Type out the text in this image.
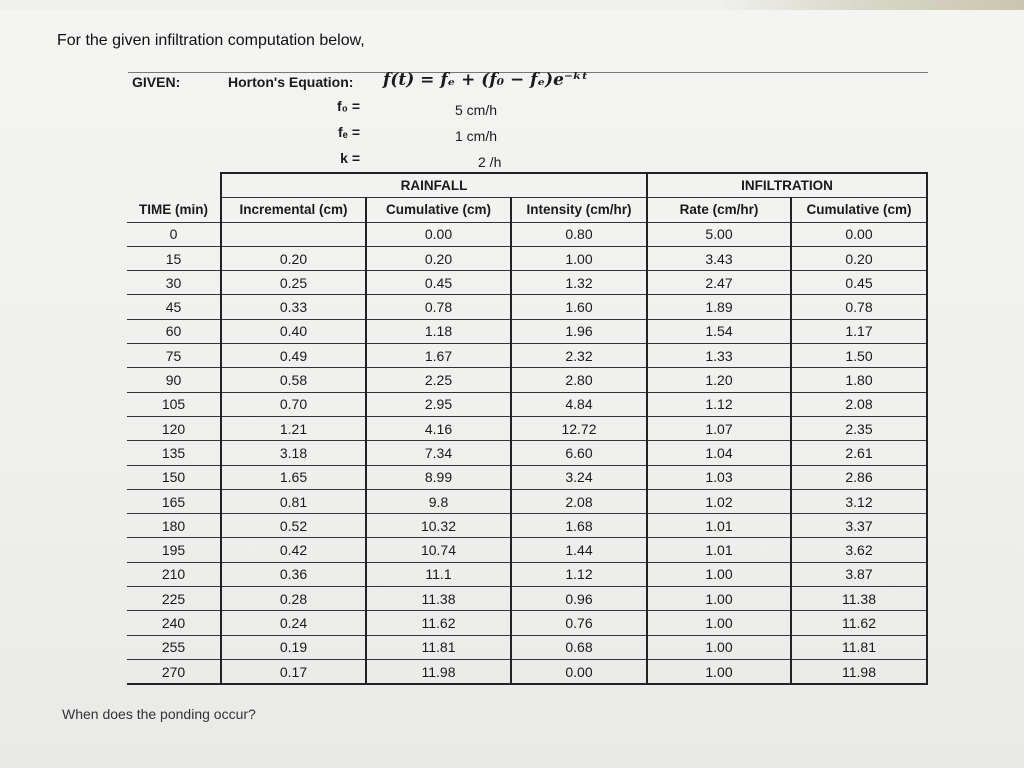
For the given infiltration computation below,
GIVEN:	Horton's Equation: f(t) = fₑ + (f₀ − fₑ)e⁻ᵏᵗ
f₀ =	5 cm/h
fₑ =	1 cm/h
k =	2 /h
	RAINFALL			INFILTRATION	
TIME (min)	Incremental (cm)	Cumulative (cm)	Intensity (cm/hr)	Rate (cm/hr)	Cumulative (cm)
0		0.00	0.80	5.00	0.00
15	0.20	0.20	1.00	3.43	0.20
30	0.25	0.45	1.32	2.47	0.45
45	0.33	0.78	1.60	1.89	0.78
60	0.40	1.18	1.96	1.54	1.17
75	0.49	1.67	2.32	1.33	1.50
90	0.58	2.25	2.80	1.20	1.80
105	0.70	2.95	4.84	1.12	2.08
120	1.21	4.16	12.72	1.07	2.35
135	3.18	7.34	6.60	1.04	2.61
150	1.65	8.99	3.24	1.03	2.86
165	0.81	9.8	2.08	1.02	3.12
180	0.52	10.32	1.68	1.01	3.37
195	0.42	10.74	1.44	1.01	3.62
210	0.36	11.1	1.12	1.00	3.87
225	0.28	11.38	0.96	1.00	11.38
240	0.24	11.62	0.76	1.00	11.62
255	0.19	11.81	0.68	1.00	11.81
270	0.17	11.98	0.00	1.00	11.98
When does the ponding occur?
